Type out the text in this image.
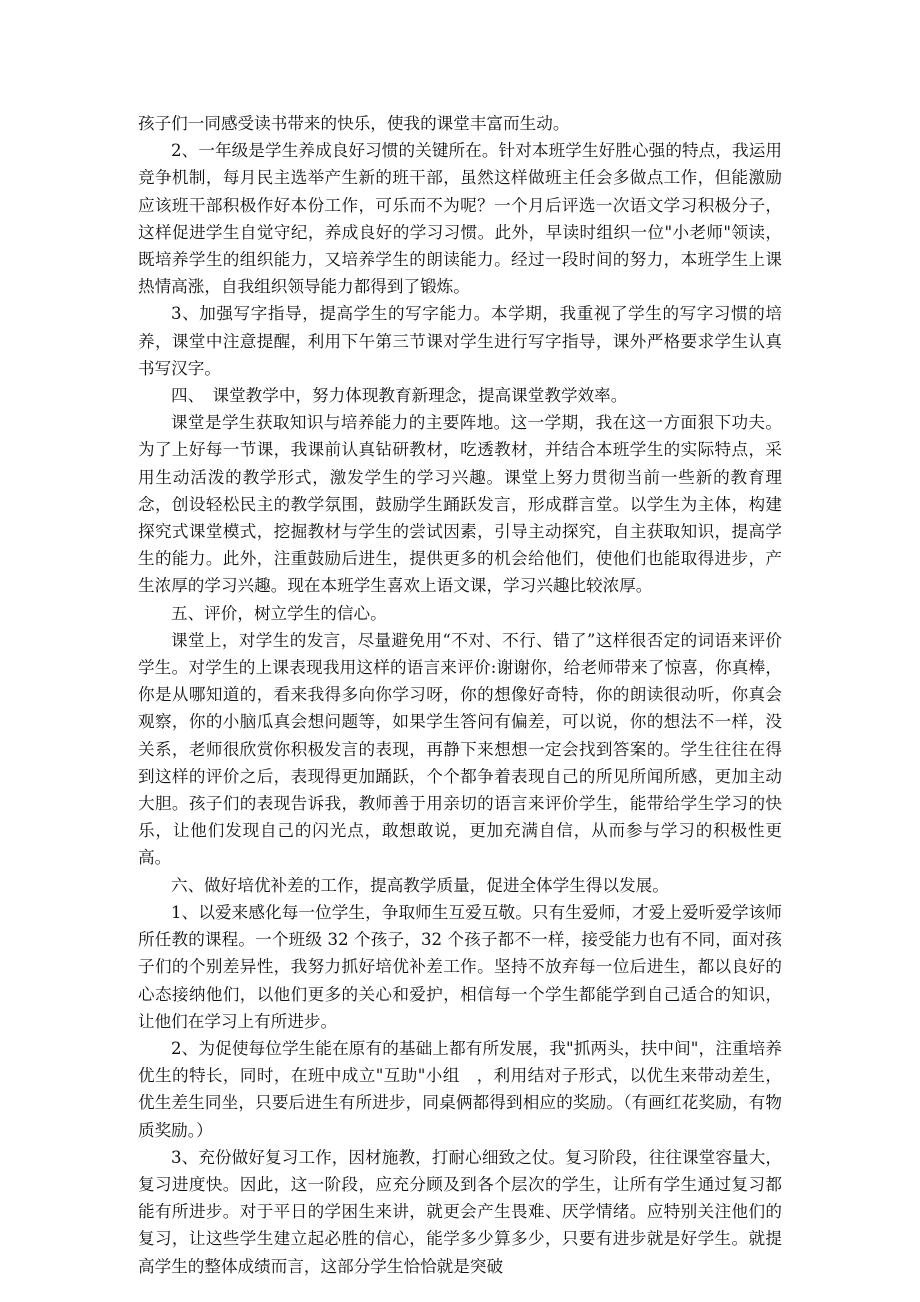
孩子们一同感受读书带来的快乐，使我的课堂丰富而生动。

2、一年级是学生养成良好习惯的关键所在。针对本班学生好胜心强的特点，我运用竞争机制，每月民主选举产生新的班干部，虽然这样做班主任会多做点工作，但能激励应该班干部积极作好本份工作，可乐而不为呢？一个月后评选一次语文学习积极分子，这样促进学生自觉守纪，养成良好的学习习惯。此外，早读时组织一位"小老师"领读，既培养学生的组织能力，又培养学生的朗读能力。经过一段时间的努力，本班学生上课热情高涨，自我组织领导能力都得到了锻炼。

3、加强写字指导，提高学生的写字能力。本学期，我重视了学生的写字习惯的培养，课堂中注意提醒，利用下午第三节课对学生进行写字指导，课外严格要求学生认真书写汉字。

四、　课堂教学中，努力体现教育新理念，提高课堂教学效率。

课堂是学生获取知识与培养能力的主要阵地。这一学期，我在这一方面狠下功夫。为了上好每一节课，我课前认真钻研教材，吃透教材，并结合本班学生的实际特点，采用生动活泼的教学形式，激发学生的学习兴趣。课堂上努力贯彻当前一些新的教育理念，创设轻松民主的教学氛围，鼓励学生踊跃发言，形成群言堂。以学生为主体，构建探究式课堂模式，挖掘教材与学生的尝试因素，引导主动探究，自主获取知识，提高学生的能力。此外，注重鼓励后进生，提供更多的机会给他们，使他们也能取得进步，产生浓厚的学习兴趣。现在本班学生喜欢上语文课，学习兴趣比较浓厚。

五、评价，树立学生的信心。

课堂上，对学生的发言，尽量避免用“不对、不行、错了”这样很否定的词语来评价学生。对学生的上课表现我用这样的语言来评价:谢谢你，给老师带来了惊喜，你真棒，你是从哪知道的，看来我得多向你学习呀，你的想像好奇特，你的朗读很动听，你真会观察，你的小脑瓜真会想问题等，如果学生答问有偏差，可以说，你的想法不一样，没关系，老师很欣赏你积极发言的表现，再静下来想想一定会找到答案的。学生往往在得到这样的评价之后，表现得更加踊跃，个个都争着表现自己的所见所闻所感，更加主动大胆。孩子们的表现告诉我，教师善于用亲切的语言来评价学生，能带给学生学习的快乐，让他们发现自己的闪光点，敢想敢说，更加充满自信，从而参与学习的积极性更高。

六、做好培优补差的工作，提高教学质量，促进全体学生得以发展。

1、以爱来感化每一位学生，争取师生互爱互敬。只有生爱师，才爱上爱听爱学该师所任教的课程。一个班级 32 个孩子，32 个孩子都不一样，接受能力也有不同，面对孩子们的个别差异性，我努力抓好培优补差工作。坚持不放弃每一位后进生，都以良好的心态接纳他们，以他们更多的关心和爱护，相信每一个学生都能学到自己适合的知识，让他们在学习上有所进步。

2、为促使每位学生能在原有的基础上都有所发展，我"抓两头，扶中间"，注重培养优生的特长，同时，在班中成立"互助"小组　，利用结对子形式，以优生来带动差生，优生差生同坐，只要后进生有所进步，同桌俩都得到相应的奖励。（有画红花奖励，有物质奖励。）

3、充份做好复习工作，因材施教，打耐心细致之仗。复习阶段，往往课堂容量大，复习进度快。因此，这一阶段，应充分顾及到各个层次的学生，让所有学生通过复习都能有所进步。对于平日的学困生来讲，就更会产生畏难、厌学情绪。应特别关注他们的复习，让这些学生建立起必胜的信心，能学多少算多少，只要有进步就是好学生。就提高学生的整体成绩而言，这部分学生恰恰就是突破
